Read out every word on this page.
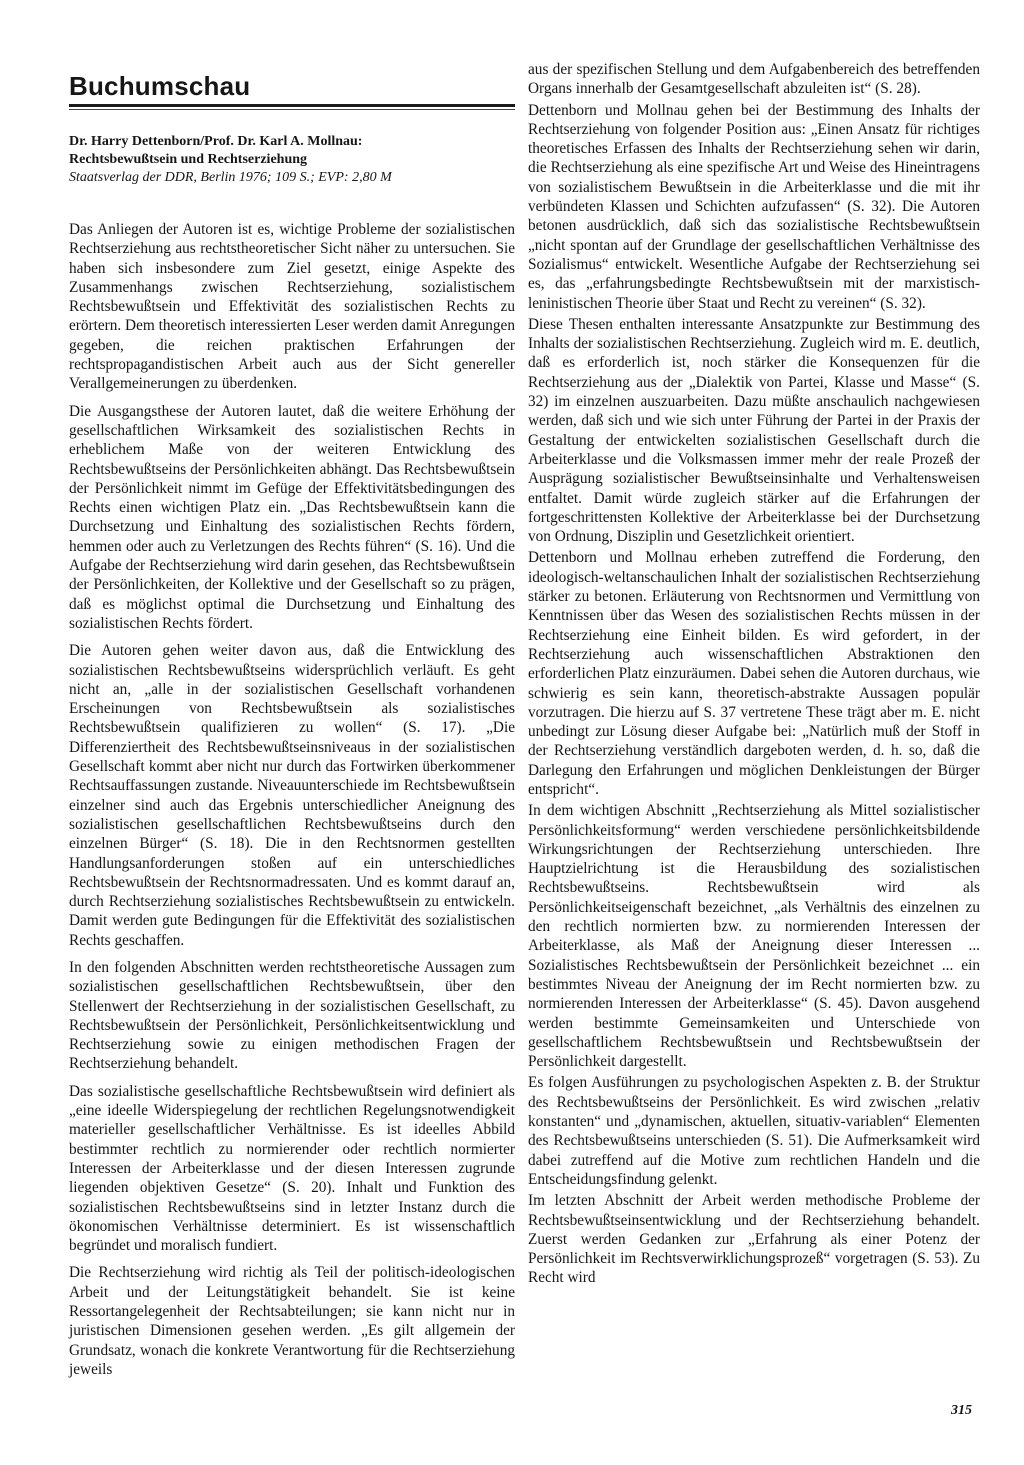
Buchumschau
Dr. Harry Dettenborn/Prof. Dr. Karl A. Mollnau:
Rechtsbewußtsein und Rechtserziehung
Staatsverlag der DDR, Berlin 1976; 109 S.; EVP: 2,80 M

Das Anliegen der Autoren ist es, wichtige Probleme der sozialistischen Rechtserziehung aus rechtstheoretischer Sicht näher zu untersuchen. Sie haben sich insbesondere zum Ziel gesetzt, einige Aspekte des Zusammenhangs zwischen Rechtserziehung, sozialistischem Rechtsbewußtsein und Effektivität des sozialistischen Rechts zu erörtern. Dem theoretisch interessierten Leser werden damit Anregungen gegeben, die reichen praktischen Erfahrungen der rechtspropagandistischen Arbeit auch aus der Sicht genereller Verallgemeinerungen zu überdenken.

Die Ausgangsthese der Autoren lautet, daß die weitere Erhöhung der gesellschaftlichen Wirksamkeit des sozialistischen Rechts in erheblichem Maße von der weiteren Entwicklung des Rechtsbewußtseins der Persönlichkeiten abhängt. Das Rechtsbewußtsein der Persönlichkeit nimmt im Gefüge der Effektivitätsbedingungen des Rechts einen wichtigen Platz ein. „Das Rechtsbewußtsein kann die Durchsetzung und Einhaltung des sozialistischen Rechts fördern, hemmen oder auch zu Verletzungen des Rechts führen“ (S. 16). Und die Aufgabe der Rechtserziehung wird darin gesehen, das Rechtsbewußtsein der Persönlichkeiten, der Kollektive und der Gesellschaft so zu prägen, daß es möglichst optimal die Durchsetzung und Einhaltung des sozialistischen Rechts fördert.

Die Autoren gehen weiter davon aus, daß die Entwicklung des sozialistischen Rechtsbewußtseins widersprüchlich verläuft. Es geht nicht an, „alle in der sozialistischen Gesellschaft vorhandenen Erscheinungen von Rechtsbewußtsein als sozialistisches Rechtsbewußtsein qualifizieren zu wollen“ (S. 17). „Die Differenziertheit des Rechtsbewußtseinsniveaus in der sozialistischen Gesellschaft kommt aber nicht nur durch das Fortwirken überkommener Rechtsauffassungen zustande. Niveauunterschiede im Rechtsbewußtsein einzelner sind auch das Ergebnis unterschiedlicher Aneignung des sozialistischen gesellschaftlichen Rechtsbewußtseins durch den einzelnen Bürger“ (S. 18). Die in den Rechtsnormen gestellten Handlungsanforderungen stoßen auf ein unterschiedliches Rechtsbewußtsein der Rechtsnormadressaten. Und es kommt darauf an, durch Rechtserziehung sozialistisches Rechtsbewußtsein zu entwickeln. Damit werden gute Bedingungen für die Effektivität des sozialistischen Rechts geschaffen.

In den folgenden Abschnitten werden rechtstheoretische Aussagen zum sozialistischen gesellschaftlichen Rechtsbewußtsein, über den Stellenwert der Rechtserziehung in der sozialistischen Gesellschaft, zu Rechtsbewußtsein der Persönlichkeit, Persönlichkeitsentwicklung und Rechtserziehung sowie zu einigen methodischen Fragen der Rechtserziehung behandelt.

Das sozialistische gesellschaftliche Rechtsbewußtsein wird definiert als „eine ideelle Widerspiegelung der rechtlichen Regelungsnotwendigkeit materieller gesellschaftlicher Verhältnisse. Es ist ideelles Abbild bestimmter rechtlich zu normierender oder rechtlich normierter Interessen der Arbeiterklasse und der diesen Interessen zugrunde liegenden objektiven Gesetze“ (S. 20). Inhalt und Funktion des sozialistischen Rechtsbewußtseins sind in letzter Instanz durch die ökonomischen Verhältnisse determiniert. Es ist wissenschaftlich begründet und moralisch fundiert.

Die Rechtserziehung wird richtig als Teil der politisch-ideologischen Arbeit und der Leitungstätigkeit behandelt. Sie ist keine Ressortangelegenheit der Rechtsabteilungen; sie kann nicht nur in juristischen Dimensionen gesehen werden. „Es gilt allgemein der Grundsatz, wonach die konkrete Verantwortung für die Rechtserziehung jeweils

aus der spezifischen Stellung und dem Aufgabenbereich des betreffenden Organs innerhalb der Gesamtgesellschaft abzuleiten ist“ (S. 28).

Dettenborn und Mollnau gehen bei der Bestimmung des Inhalts der Rechtserziehung von folgender Position aus: „Einen Ansatz für richtiges theoretisches Erfassen des Inhalts der Rechtserziehung sehen wir darin, die Rechtserziehung als eine spezifische Art und Weise des Hineintragens von sozialistischem Bewußtsein in die Arbeiterklasse und die mit ihr verbündeten Klassen und Schichten aufzufassen“ (S. 32). Die Autoren betonen ausdrücklich, daß sich das sozialistische Rechtsbewußtsein „nicht spontan auf der Grundlage der gesellschaftlichen Verhältnisse des Sozialismus“ entwickelt. Wesentliche Aufgabe der Rechtserziehung sei es, das „erfahrungsbedingte Rechtsbewußtsein mit der marxistisch-leninistischen Theorie über Staat und Recht zu vereinen“ (S. 32).

Diese Thesen enthalten interessante Ansatzpunkte zur Bestimmung des Inhalts der sozialistischen Rechtserziehung. Zugleich wird m. E. deutlich, daß es erforderlich ist, noch stärker die Konsequenzen für die Rechtserziehung aus der „Dialektik von Partei, Klasse und Masse“ (S. 32) im einzelnen auszuarbeiten. Dazu müßte anschaulich nachgewiesen werden, daß sich und wie sich unter Führung der Partei in der Praxis der Gestaltung der entwickelten sozialistischen Gesellschaft durch die Arbeiterklasse und die Volksmassen immer mehr der reale Prozeß der Ausprägung sozialistischer Bewußtseinsinhalte und Verhaltensweisen entfaltet. Damit würde zugleich stärker auf die Erfahrungen der fortgeschrittensten Kollektive der Arbeiterklasse bei der Durchsetzung von Ordnung, Disziplin und Gesetzlichkeit orientiert.

Dettenborn und Mollnau erheben zutreffend die Forderung, den ideologisch-weltanschaulichen Inhalt der sozialistischen Rechtserziehung stärker zu betonen. Erläuterung von Rechtsnormen und Vermittlung von Kenntnissen über das Wesen des sozialistischen Rechts müssen in der Rechtserziehung eine Einheit bilden. Es wird gefordert, in der Rechtserziehung auch wissenschaftlichen Abstraktionen den erforderlichen Platz einzuräumen. Dabei sehen die Autoren durchaus, wie schwierig es sein kann, theoretisch-abstrakte Aussagen populär vorzutragen. Die hierzu auf S. 37 vertretene These trägt aber m. E. nicht unbedingt zur Lösung dieser Aufgabe bei: „Natürlich muß der Stoff in der Rechtserziehung verständlich dargeboten werden, d. h. so, daß die Darlegung den Erfahrungen und möglichen Denkleistungen der Bürger entspricht“.

In dem wichtigen Abschnitt „Rechtserziehung als Mittel sozialistischer Persönlichkeitsformung“ werden verschiedene persönlichkeitsbildende Wirkungsrichtungen der Rechtserziehung unterschieden. Ihre Hauptzielrichtung ist die Herausbildung des sozialistischen Rechtsbewußtseins. Rechtsbewußtsein wird als Persönlichkeitseigenschaft bezeichnet, „als Verhältnis des einzelnen zu den rechtlich normierten bzw. zu normierenden Interessen der Arbeiterklasse, als Maß der Aneignung dieser Interessen ... Sozialistisches Rechtsbewußtsein der Persönlichkeit bezeichnet ... ein bestimmtes Niveau der Aneignung der im Recht normierten bzw. zu normierenden Interessen der Arbeiterklasse“ (S. 45). Davon ausgehend werden bestimmte Gemeinsamkeiten und Unterschiede von gesellschaftlichem Rechtsbewußtsein und Rechtsbewußtsein der Persönlichkeit dargestellt.

Es folgen Ausführungen zu psychologischen Aspekten z. B. der Struktur des Rechtsbewußtseins der Persönlichkeit. Es wird zwischen „relativ konstanten“ und „dynamischen, aktuellen, situativ-variablen“ Elementen des Rechtsbewußtseins unterschieden (S. 51). Die Aufmerksamkeit wird dabei zutreffend auf die Motive zum rechtlichen Handeln und die Entscheidungsfindung gelenkt.

Im letzten Abschnitt der Arbeit werden methodische Probleme der Rechtsbewußtseinsentwicklung und der Rechtserziehung behandelt. Zuerst werden Gedanken zur „Erfahrung als einer Potenz der Persönlichkeit im Rechtsverwirklichungsprozeß“ vorgetragen (S. 53). Zu Recht wird

315
